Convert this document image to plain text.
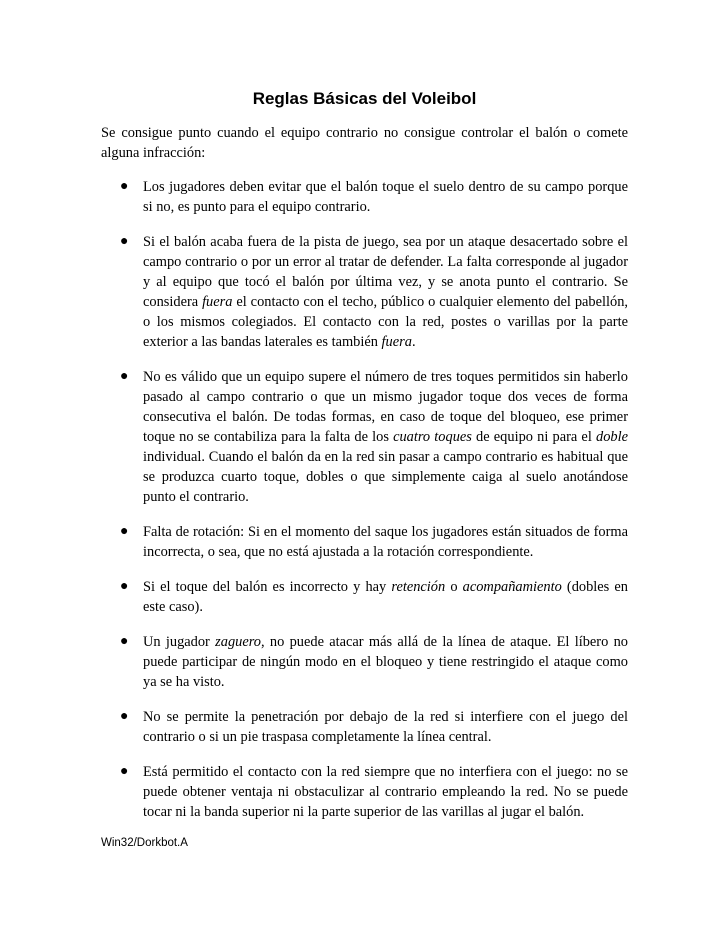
Reglas Básicas del Voleibol

Se consigue punto cuando el equipo contrario no consigue controlar el balón o comete alguna infracción:

● Los jugadores deben evitar que el balón toque el suelo dentro de su campo porque si no, es punto para el equipo contrario.
● Si el balón acaba fuera de la pista de juego, sea por un ataque desacertado sobre el campo contrario o por un error al tratar de defender. La falta corresponde al jugador y al equipo que tocó el balón por última vez, y se anota punto el contrario. Se considera fuera el contacto con el techo, público o cualquier elemento del pabellón, o los mismos colegiados. El contacto con la red, postes o varillas por la parte exterior a las bandas laterales es también fuera.
● No es válido que un equipo supere el número de tres toques permitidos sin haberlo pasado al campo contrario o que un mismo jugador toque dos veces de forma consecutiva el balón. De todas formas, en caso de toque del bloqueo, ese primer toque no se contabiliza para la falta de los cuatro toques de equipo ni para el doble individual. Cuando el balón da en la red sin pasar a campo contrario es habitual que se produzca cuarto toque, dobles o que simplemente caiga al suelo anotándose punto el contrario.
● Falta de rotación: Si en el momento del saque los jugadores están situados de forma incorrecta, o sea, que no está ajustada a la rotación correspondiente.
● Si el toque del balón es incorrecto y hay retención o acompañamiento (dobles en este caso).
● Un jugador zaguero, no puede atacar más allá de la línea de ataque. El líbero no puede participar de ningún modo en el bloqueo y tiene restringido el ataque como ya se ha visto.
● No se permite la penetración por debajo de la red si interfiere con el juego del contrario o si un pie traspasa completamente la línea central.
● Está permitido el contacto con la red siempre que no interfiera con el juego: no se puede obtener ventaja ni obstaculizar al contrario empleando la red. No se puede tocar ni la banda superior ni la parte superior de las varillas al jugar el balón.
Win32/Dorkbot.A
